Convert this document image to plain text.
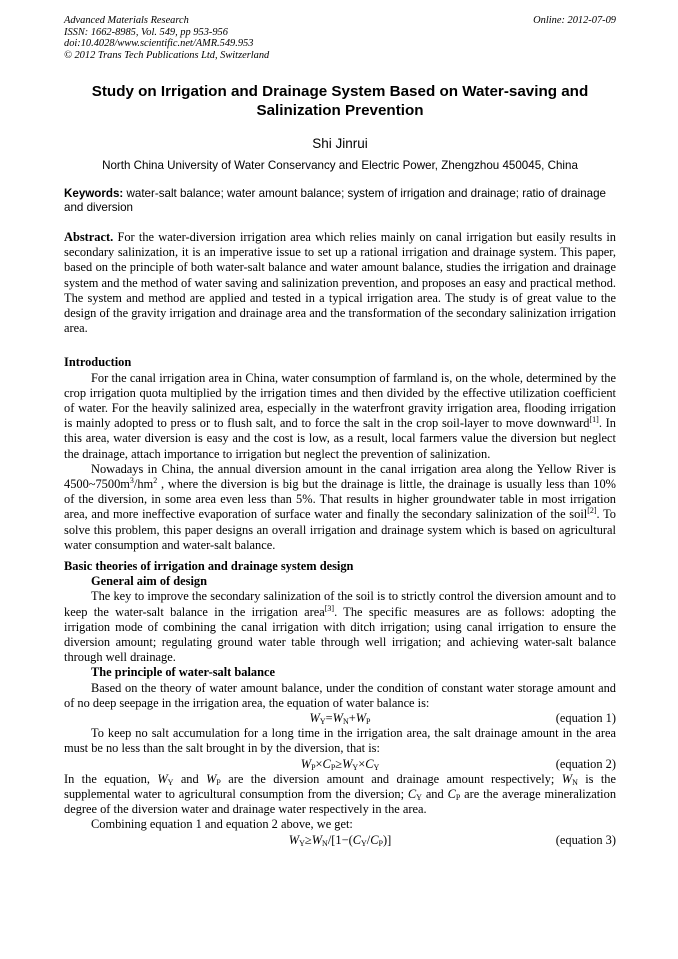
Advanced Materials Research
ISSN: 1662-8985, Vol. 549, pp 953-956
doi:10.4028/www.scientific.net/AMR.549.953
© 2012 Trans Tech Publications Ltd, Switzerland
Online: 2012-07-09
Study on Irrigation and Drainage System Based on Water-saving and Salinization Prevention
Shi Jinrui
North China University of Water Conservancy and Electric Power, Zhengzhou 450045, China
Keywords: water-salt balance; water amount balance; system of irrigation and drainage; ratio of drainage and diversion

Abstract. For the water-diversion irrigation area which relies mainly on canal irrigation but easily results in secondary salinization, it is an imperative issue to set up a rational irrigation and drainage system. This paper, based on the principle of both water-salt balance and water amount balance, studies the irrigation and drainage system and the method of water saving and salinization prevention, and proposes an easy and practical method. The system and method are applied and tested in a typical irrigation area. The study is of great value to the design of the gravity irrigation and drainage area and the transformation of the secondary salinization irrigation area.

Introduction

For the canal irrigation area in China, water consumption of farmland is, on the whole, determined by the crop irrigation quota multiplied by the irrigation times and then divided by the effective utilization coefficient of water. For the heavily salinized area, especially in the waterfront gravity irrigation area, flooding irrigation is mainly adopted to press or to flush salt, and to force the salt in the crop soil-layer to move downward[1]. In this area, water diversion is easy and the cost is low, as a result, local farmers value the diversion but neglect the drainage, attach importance to irrigation but neglect the prevention of salinization.

Nowadays in China, the annual diversion amount in the canal irrigation area along the Yellow River is $4500\sim 7500m^3/hm^2$ , where the diversion is big but the drainage is little, the drainage is usually less than 10% of the diversion, in some area even less than 5%. That results in higher groundwater table in most irrigation area, and more ineffective evaporation of surface water and finally the secondary salinization of the soil[2]. To solve this problem, this paper designs an overall irrigation and drainage system which is based on agricultural water consumption and water-salt balance.

Basic theories of irrigation and drainage system design

General aim of design

The key to improve the secondary salinization of the soil is to strictly control the diversion amount and to keep the water-salt balance in the irrigation area[3]. The specific measures are as follows: adopting the irrigation mode of combining the canal irrigation with ditch irrigation; using canal irrigation to ensure the diversion amount; regulating ground water table through well irrigation; and achieving water-salt balance through well drainage.

The principle of water-salt balance

Based on the theory of water amount balance, under the condition of constant water storage amount and of no deep seepage in the irrigation area, the equation of water balance is:

$W_Y=W_N+W_P$	(equation 1)

To keep no salt accumulation for a long time in the irrigation area, the salt drainage amount in the area must be no less than the salt brought in by the diversion, that is:

$W_P\times C_P\ge W_Y\times C_Y$	(equation 2)

In the equation, $W_Y$ and $W_P$ are the diversion amount and drainage amount respectively; $W_N$ is the supplemental water to agricultural consumption from the diversion; $C_Y$ and $C_P$ are the average mineralization degree of the diversion water and drainage water respectively in the area.

Combining equation 1 and equation 2 above, we get:

$W_Y\ge W_N/[1-(C_Y/C_P)]$	(equation 3)
